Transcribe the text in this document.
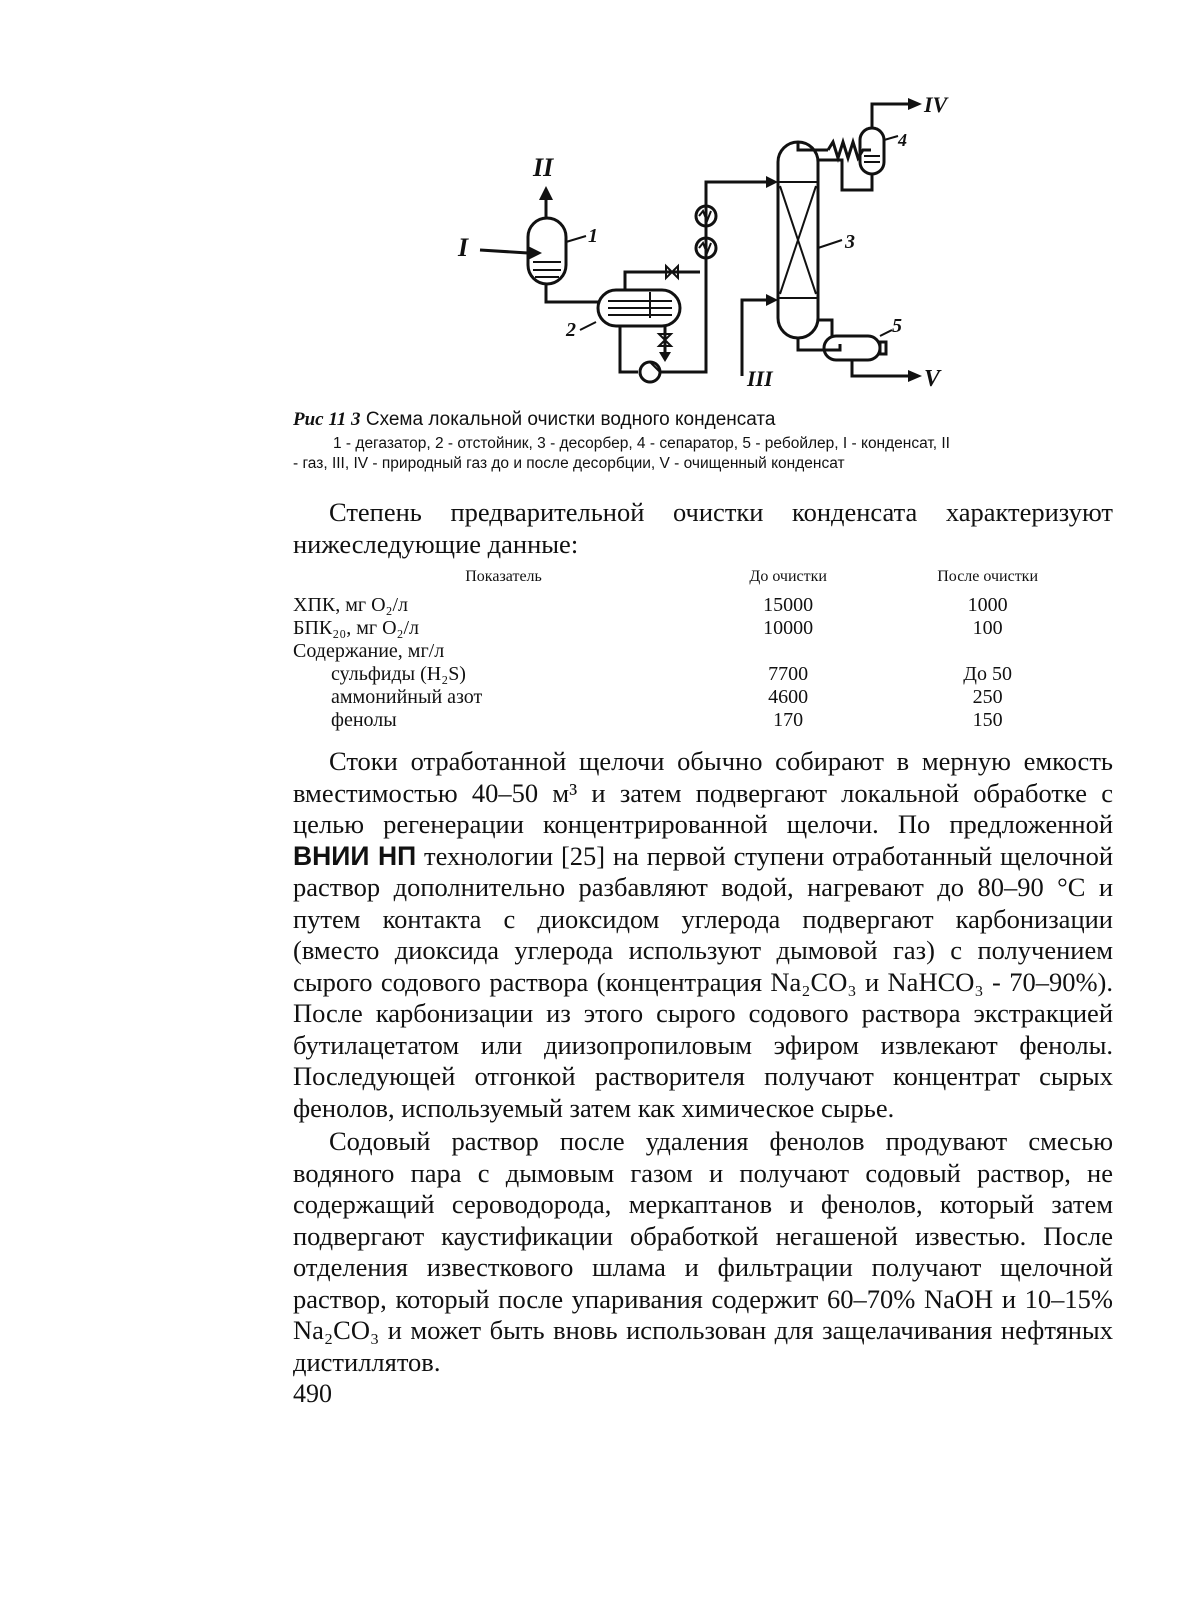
I
II
III
IV
V
1
2
3
4
5
Рис 11 3 Схема локальной очистки водного конденсата
1 - дегазатор, 2 - отстойник, 3 - десорбер, 4 - сепаратор, 5 - ребойлер, I - конденсат, II
- газ, III, IV - природный газ до и после десорбции, V - очищенный конденсат

Степень предварительной очистки конденсата характеризуют нижеследующие данные:

Показатель	До очистки	После очистки
ХПК, мг O₂/л	15000	1000
БПК₂₀, мг O₂/л	10000	100
Содержание, мг/л		
сульфиды (H₂S)	7700	До 50
аммонийный азот	4600	250
фенолы	170	150

Стоки отработанной щелочи обычно собирают в мерную емкость вместимостью 40–50 м³ и затем подвергают локальной обработке с целью регенерации концентрированной щелочи. По предложенной ВНИИ НП технологии [25] на первой ступени отработанный щелочной раствор дополнительно разбавляют водой, нагревают до 80–90 °С и путем контакта с диоксидом углерода подвергают карбонизации (вместо диоксида углерода используют дымовой газ) с получением сырого содового раствора (концентрация Na₂CO₃ и NaHCO₃ - 70–90%). После карбонизации из этого сырого содового раствора экстракцией бутилацетатом или диизопропиловым эфиром извлекают фенолы. Последующей отгонкой растворителя получают концентрат сырых фенолов, используемый затем как химическое сырье.

Содовый раствор после удаления фенолов продувают смесью водяного пара с дымовым газом и получают содовый раствор, не содержащий сероводорода, меркаптанов и фенолов, который затем подвергают каустификации обработкой негашеной известью. После отделения известкового шлама и фильтрации получают щелочной раствор, который после упаривания содержит 60–70% NaOH и 10–15% Na₂CO₃ и может быть вновь использован для защелачивания нефтяных дистиллятов.

490
